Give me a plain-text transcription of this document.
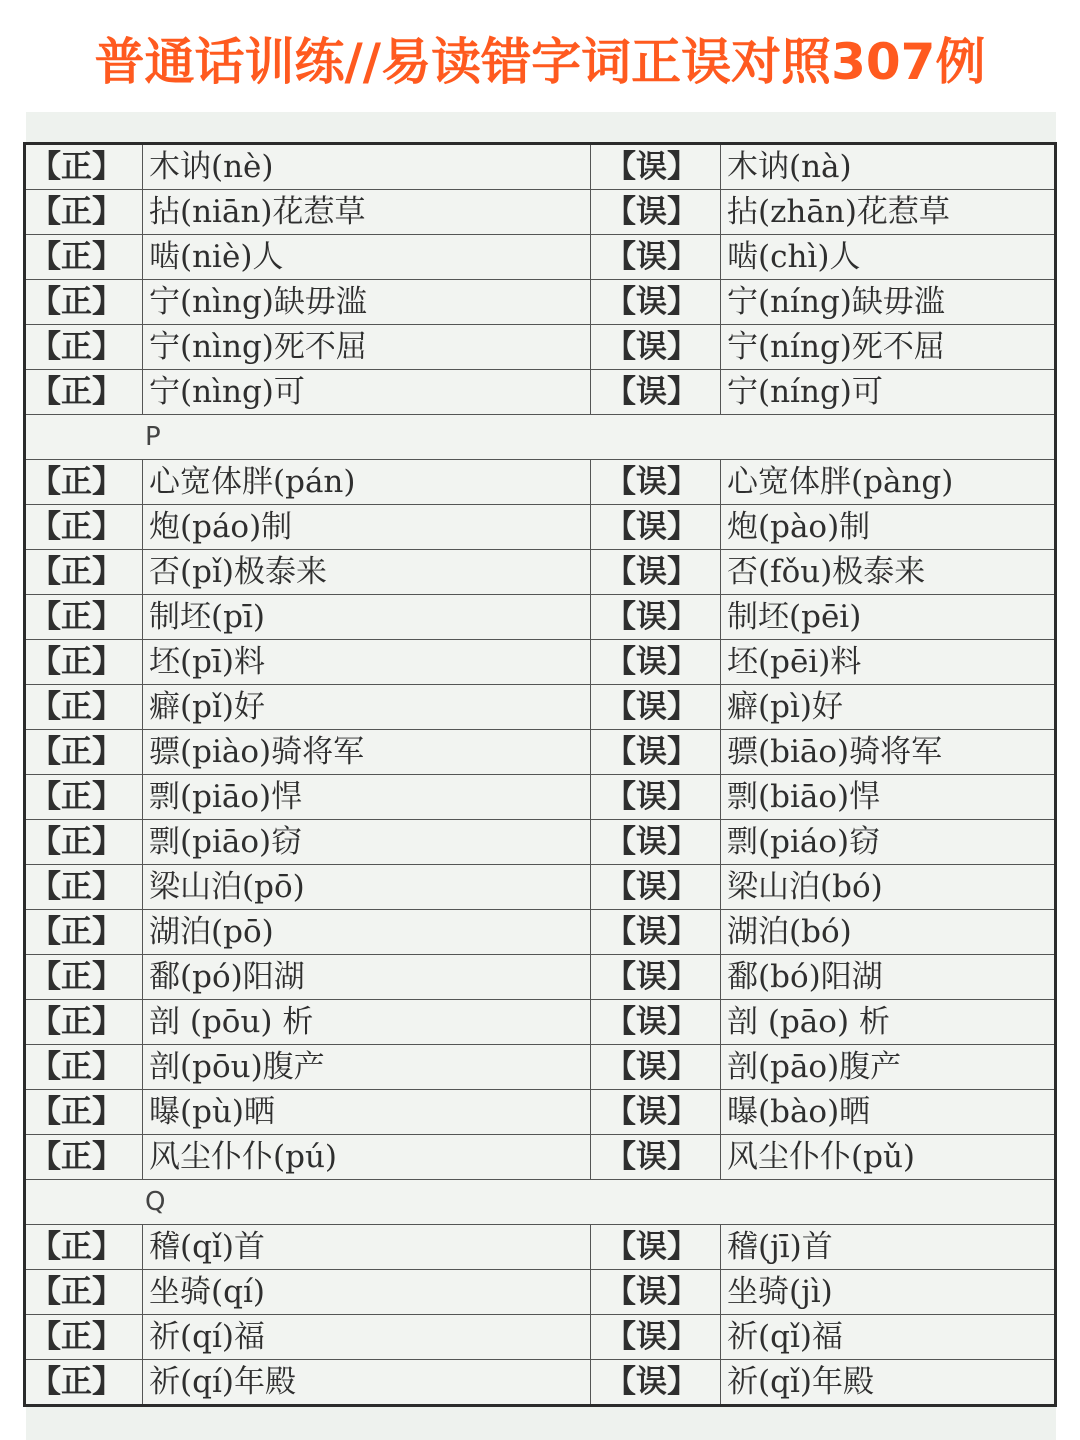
普通话训练//易读错字词正误对照307例
【正】	木讷(nè)	【误】	木讷(nà)
【正】	拈(niān)花惹草	【误】	拈(zhān)花惹草
【正】	啮(niè)人	【误】	啮(chì)人
【正】	宁(nìng)缺毋滥	【误】	宁(níng)缺毋滥
【正】	宁(nìng)死不屈	【误】	宁(níng)死不屈
【正】	宁(nìng)可	【误】	宁(níng)可
P			
【正】	心宽体胖(pán)	【误】	心宽体胖(pàng)
【正】	炮(páo)制	【误】	炮(pào)制
【正】	否(pǐ)极泰来	【误】	否(fǒu)极泰来
【正】	制坯(pī)	【误】	制坯(pēi)
【正】	坯(pī)料	【误】	坯(pēi)料
【正】	癖(pǐ)好	【误】	癖(pì)好
【正】	骠(piào)骑将军	【误】	骠(biāo)骑将军
【正】	剽(piāo)悍	【误】	剽(biāo)悍
【正】	剽(piāo)窃	【误】	剽(piáo)窃
【正】	梁山泊(pō)	【误】	梁山泊(bó)
【正】	湖泊(pō)	【误】	湖泊(bó)
【正】	鄱(pó)阳湖	【误】	鄱(bó)阳湖
【正】	剖 (pōu) 析	【误】	剖 (pāo) 析
【正】	剖(pōu)腹产	【误】	剖(pāo)腹产
【正】	曝(pù)晒	【误】	曝(bào)晒
【正】	风尘仆仆(pú)	【误】	风尘仆仆(pǔ)
Q			
【正】	稽(qǐ)首	【误】	稽(jī)首
【正】	坐骑(qí)	【误】	坐骑(jì)
【正】	祈(qí)福	【误】	祈(qǐ)福
【正】	祈(qí)年殿	【误】	祈(qǐ)年殿
